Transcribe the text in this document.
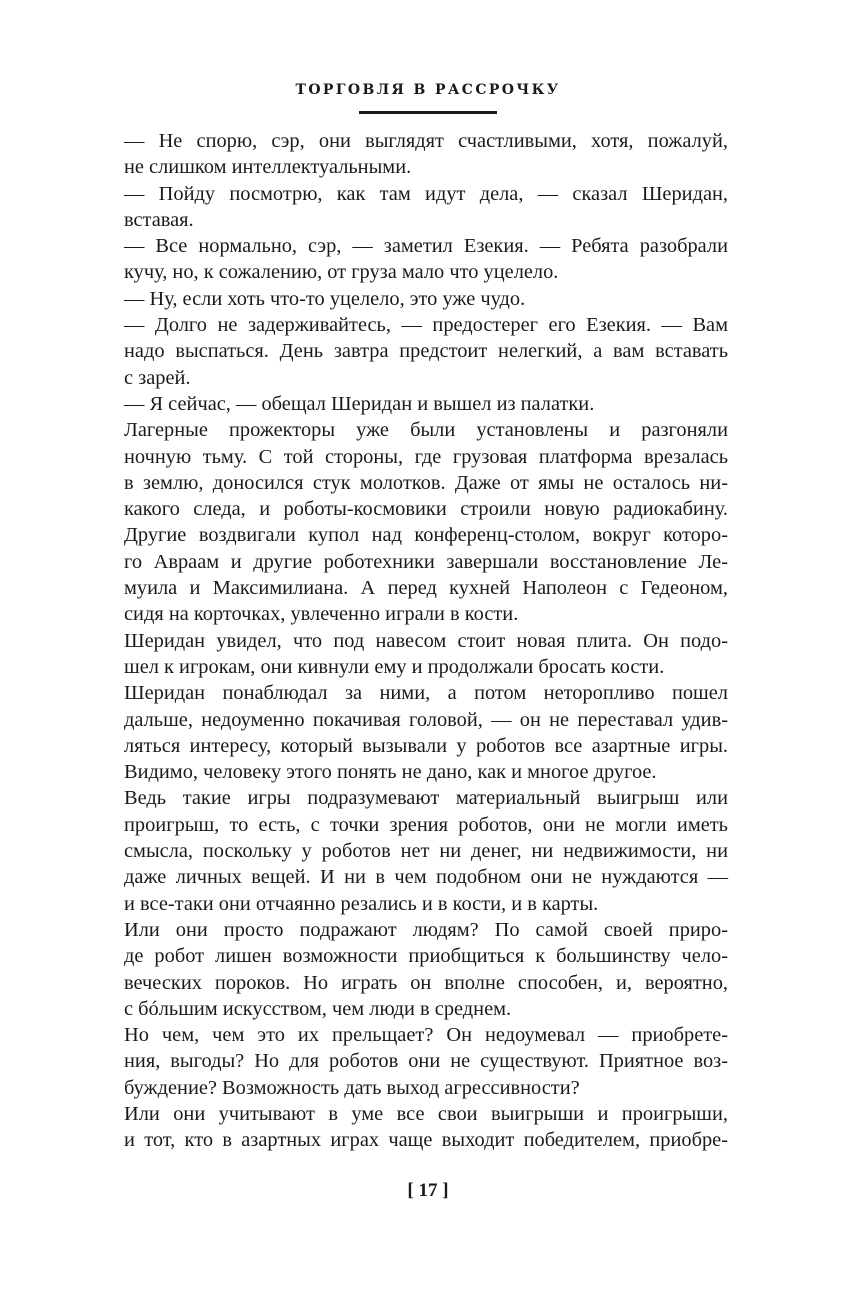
ТОРГОВЛЯ В РАССРОЧКУ

— Не спорю, сэр, они выглядят счастливыми, хотя, пожалуй,
не слишком интеллектуальными.

— Пойду посмотрю, как там идут дела, — сказал Шеридан,
вставая.

— Все нормально, сэр, — заметил Езекия. — Ребята разобрали
кучу, но, к сожалению, от груза мало что уцелело.

— Ну, если хоть что-то уцелело, это уже чудо.

— Долго не задерживайтесь, — предостерег его Езекия. — Вам
надо выспаться. День завтра предстоит нелегкий, а вам вставать
с зарей.

— Я сейчас, — обещал Шеридан и вышел из палатки.

Лагерные прожекторы уже были установлены и разгоняли
ночную тьму. С той стороны, где грузовая платформа врезалась
в землю, доносился стук молотков. Даже от ямы не осталось ни-
какого следа, и роботы-космовики строили новую радиокабину.
Другие воздвигали купол над конференц-столом, вокруг которо-
го Авраам и другие роботехники завершали восстановление Ле-
муила и Максимилиана. А перед кухней Наполеон с Гедеоном,
сидя на корточках, увлеченно играли в кости.

Шеридан увидел, что под навесом стоит новая плита. Он подо-
шел к игрокам, они кивнули ему и продолжали бросать кости.

Шеридан понаблюдал за ними, а потом неторопливо пошел
дальше, недоуменно покачивая головой, — он не переставал удив-
ляться интересу, который вызывали у роботов все азартные игры.
Видимо, человеку этого понять не дано, как и многое другое.

Ведь такие игры подразумевают материальный выигрыш или
проигрыш, то есть, с точки зрения роботов, они не могли иметь
смысла, поскольку у роботов нет ни денег, ни недвижимости, ни
даже личных вещей. И ни в чем подобном они не нуждаются —
и все-таки они отчаянно резались и в кости, и в карты.

Или они просто подражают людям? По самой своей приро-
де робот лишен возможности приобщиться к большинству чело-
веческих пороков. Но играть он вполне способен, и, вероятно,
с бóльшим искусством, чем люди в среднем.

Но чем, чем это их прельщает? Он недоумевал — приобретe-
ния, выгоды? Но для роботов они не существуют. Приятное воз-
буждение? Возможность дать выход агрессивности?

Или они учитывают в уме все свои выигрыши и проигрыши,
и тот, кто в азартных играх чаще выходит победителем, приобре-

[ 17 ]
